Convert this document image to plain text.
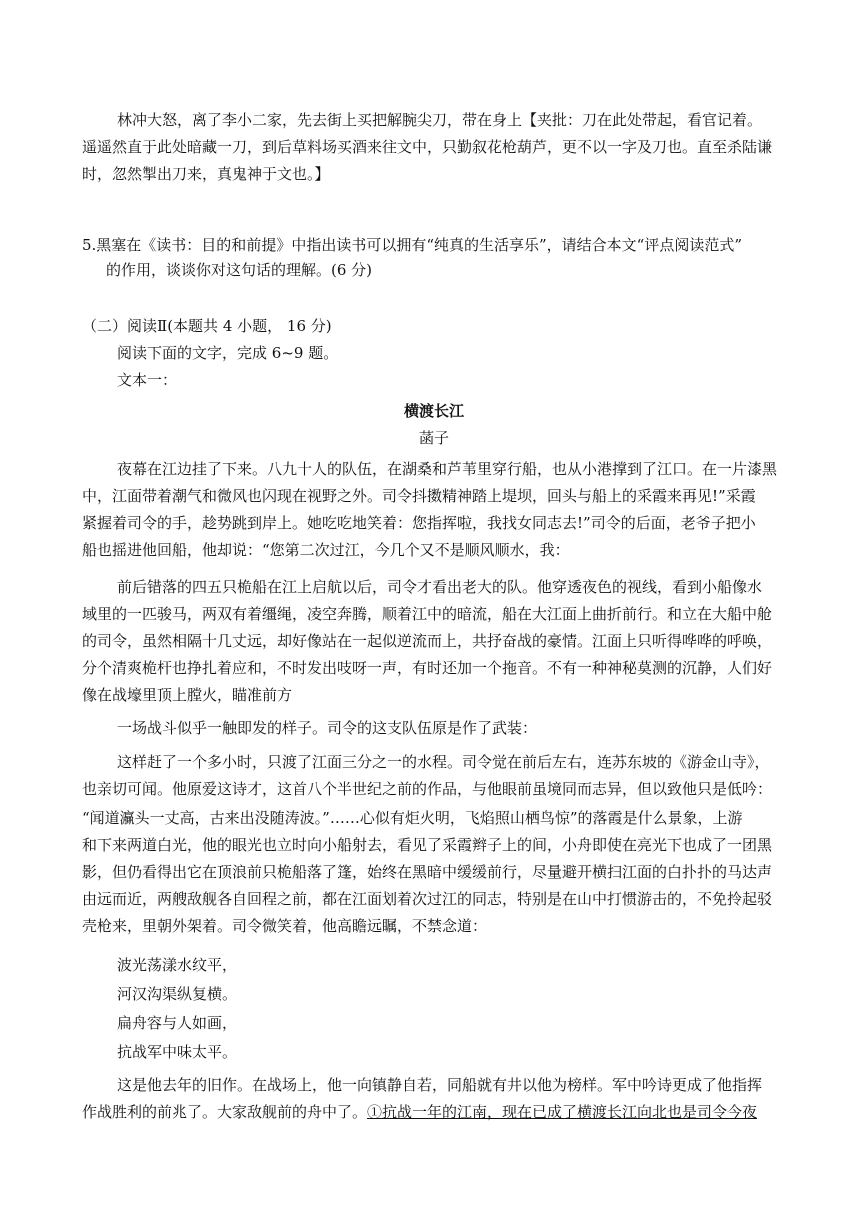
林冲大怒，离了李小二家，先去街上买把解腕尖刀，带在身上【夹批：刀在此处带起，看官记着。
遥遥然直于此处暗藏一刀，到后草料场买酒来往文中，只勤叙花枪葫芦，更不以一字及刀也。直至杀陆谦
时，忽然掣出刀来，真鬼神于文也。】
5.黑塞在《读书：目的和前提》中指出读书可以拥有“纯真的生活享乐”，请结合本文“评点阅读范式”
的作用，谈谈你对这句话的理解。(6 分)
（二）阅读Ⅱ(本题共 4 小题， 16 分)
阅读下面的文字，完成 6~9 题。
文本一：
横渡长江
菡子
夜幕在江边挂了下来。八九十人的队伍，在湖桑和芦苇里穿行船，也从小港撑到了江口。在一片漆黑
中，江面带着潮气和微风也闪现在视野之外。司令抖擞精神踏上堤坝，回头与船上的采霞来再见!”采霞
紧握着司令的手，趁势跳到岸上。她吃吃地笑着：您指挥啦，我找女同志去!”司令的后面，老爷子把小
船也摇进他回船，他却说：“您第二次过江，今几个又不是顺风顺水，我：
前后错落的四五只桅船在江上启航以后，司令才看出老大的队。他穿透夜色的视线，看到小船像水
域里的一匹骏马，两双有着缰绳，凌空奔腾，顺着江中的暗流，船在大江面上曲折前行。和立在大船中舱
的司令，虽然相隔十几丈远，却好像站在一起似逆流而上，共抒奋战的豪情。江面上只听得哗哗的呼唤，
分个清爽桅杆也挣扎着应和，不时发出吱呀一声，有时还加一个拖音。不有一种神秘莫测的沉静，人们好
像在战壕里顶上膛火，瞄准前方
一场战斗似乎一触即发的样子。司令的这支队伍原是作了武装：
这样赶了一个多小时，只渡了江面三分之一的水程。司令觉在前后左右，连苏东坡的《游金山寺》，
也亲切可闻。他原爱这诗才，这首八个半世纪之前的作品，与他眼前虽境同而志异，但以致他只是低吟：
“闻道灜头一丈高，古来出没随涛波。”……心似有炬火明，飞焰照山栖鸟惊”的落霞是什么景象，上游
和下来两道白光，他的眼光也立时向小船射去，看见了采霞辫子上的间，小舟即使在亮光下也成了一团黑
影，但仍看得出它在顶浪前只桅船落了篷，始终在黑暗中缓缓前行，尽量避开横扫江面的白扑扑的马达声
由远而近，两艘敌舰各自回程之前，都在江面划着次过江的同志，特别是在山中打惯游击的，不免拎起驳
壳枪来，里朝外架着。司令微笑着，他高瞻远瞩，不禁念道：
波光荡漾水纹平，
河汉沟渠纵复横。
扁舟容与人如画，
抗战军中味太平。
这是他去年的旧作。在战场上，他一向镇静自若，同船就有井以他为榜样。军中吟诗更成了他指挥
作战胜利的前兆了。大家敌舰前的舟中了。①抗战一年的江南，现在已成了横渡长江向北也是司令今夜
